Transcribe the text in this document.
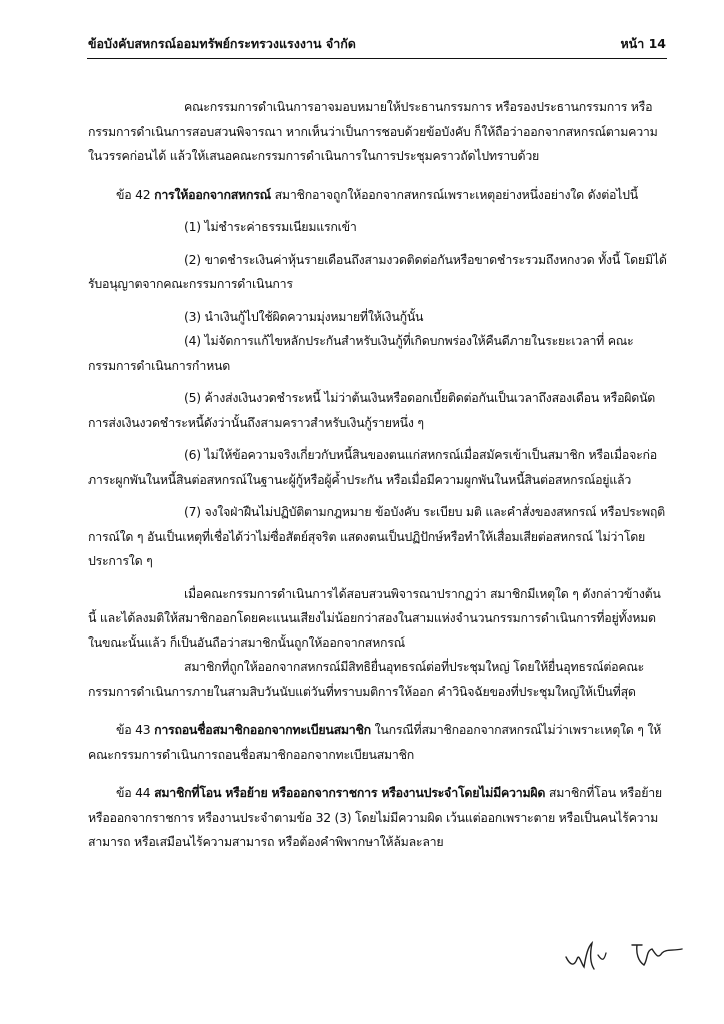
ข้อบังคับสหกรณ์ออมทรัพย์กระทรวงแรงงาน จำกัด	หน้า 14

คณะกรรมการดำเนินการอาจมอบหมายให้ประธานกรรมการ หรือรองประธานกรรมการ หรือกรรมการดำเนินการสอบสวนพิจารณา หากเห็นว่าเป็นการชอบด้วยข้อบังคับ ก็ให้ถือว่าออกจากสหกรณ์ตามความในวรรคก่อนได้ แล้วให้เสนอคณะกรรมการดำเนินการในการประชุมคราวถัดไปทราบด้วย

ข้อ 42 การให้ออกจากสหกรณ์ สมาชิกอาจถูกให้ออกจากสหกรณ์เพราะเหตุอย่างหนึ่งอย่างใด ดังต่อไปนี้

(1) ไม่ชำระค่าธรรมเนียมแรกเข้า

(2) ขาดชำระเงินค่าหุ้นรายเดือนถึงสามงวดติดต่อกันหรือขาดชำระรวมถึงหกงวด ทั้งนี้ โดยมิได้รับอนุญาตจากคณะกรรมการดำเนินการ

(3) นำเงินกู้ไปใช้ผิดความมุ่งหมายที่ให้เงินกู้นั้น

(4) ไม่จัดการแก้ไขหลักประกันสำหรับเงินกู้ที่เกิดบกพร่องให้คืนดีภายในระยะเวลาที่ คณะกรรมการดำเนินการกำหนด

(5) ค้างส่งเงินงวดชำระหนี้ ไม่ว่าต้นเงินหรือดอกเบี้ยติดต่อกันเป็นเวลาถึงสองเดือน หรือผิดนัดการส่งเงินงวดชำระหนี้ดังว่านั้นถึงสามคราวสำหรับเงินกู้รายหนึ่ง ๆ

(6) ไม่ให้ข้อความจริงเกี่ยวกับหนี้สินของตนแก่สหกรณ์เมื่อสมัครเข้าเป็นสมาชิก หรือเมื่อจะก่อภาระผูกพันในหนี้สินต่อสหกรณ์ในฐานะผู้กู้หรือผู้ค้ำประกัน หรือเมื่อมีความผูกพันในหนี้สินต่อสหกรณ์อยู่แล้ว

(7) จงใจฝ่าฝืนไม่ปฏิบัติตามกฎหมาย ข้อบังคับ ระเบียบ มติ และคำสั่งของสหกรณ์ หรือประพฤติการณ์ใด ๆ อันเป็นเหตุที่เชื่อได้ว่าไม่ซื่อสัตย์สุจริต แสดงตนเป็นปฏิปักษ์หรือทำให้เสื่อมเสียต่อสหกรณ์ ไม่ว่าโดยประการใด ๆ

เมื่อคณะกรรมการดำเนินการได้สอบสวนพิจารณาปรากฏว่า สมาชิกมีเหตุใด ๆ ดังกล่าวข้างต้นนี้ และได้ลงมติให้สมาชิกออกโดยคะแนนเสียงไม่น้อยกว่าสองในสามแห่งจำนวนกรรมการดำเนินการที่อยู่ทั้งหมดในขณะนั้นแล้ว ก็เป็นอันถือว่าสมาชิกนั้นถูกให้ออกจากสหกรณ์

สมาชิกที่ถูกให้ออกจากสหกรณ์มีสิทธิยื่นอุทธรณ์ต่อที่ประชุมใหญ่ โดยให้ยื่นอุทธรณ์ต่อคณะกรรมการดำเนินการภายในสามสิบวันนับแต่วันที่ทราบมติการให้ออก คำวินิจฉัยของที่ประชุมใหญ่ให้เป็นที่สุด

ข้อ 43 การถอนชื่อสมาชิกออกจากทะเบียนสมาชิก ในกรณีที่สมาชิกออกจากสหกรณ์ไม่ว่าเพราะเหตุใด ๆ ให้คณะกรรมการดำเนินการถอนชื่อสมาชิกออกจากทะเบียนสมาชิก

ข้อ 44 สมาชิกที่โอน หรือย้าย หรือออกจากราชการ หรืองานประจำโดยไม่มีความผิด สมาชิกที่โอน หรือย้าย หรือออกจากราชการ หรืองานประจำตามข้อ 32 (3) โดยไม่มีความผิด เว้นแต่ออกเพราะตาย หรือเป็นคนไร้ความสามารถ หรือเสมือนไร้ความสามารถ หรือต้องคำพิพากษาให้ล้มละลาย
